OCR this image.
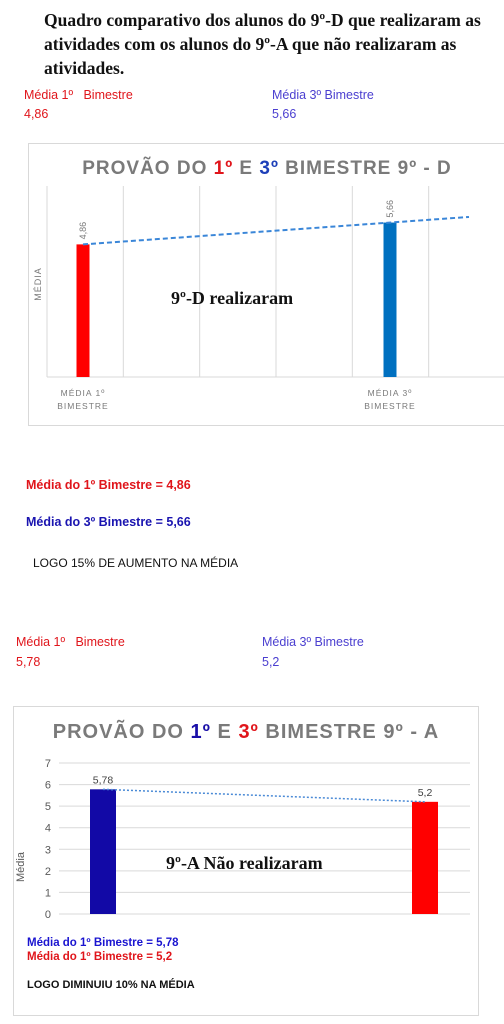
Quadro comparativo dos alunos do 9º-D que realizaram as atividades com os alunos do 9º-A que não realizaram as atividades.
Média 1º   Bimestre
4,86
Média 3º Bimestre
5,66
PROVÃO DO 1º E 3º BIMESTRE 9º - D
4,86
5,66
MÉDIA
MÉDIA 1º
BIMESTRE
MÉDIA 3º
BIMESTRE
9º-D realizaram
Média do 1º Bimestre = 4,86
Média do 3º Bimestre = 5,66
LOGO 15% DE AUMENTO NA MÉDIA
Média 1º   Bimestre
5,78
Média 3º Bimestre
5,2
PROVÃO DO 1º E 3º BIMESTRE 9º - A
0
1
2
3
4
5
6
7
5,78
5,2
Média	9º-A Não realizaram
Média do 1º Bimestre = 5,78
Média do 1º Bimestre = 5,2
LOGO DIMINUIU 10% NA MÉDIA
